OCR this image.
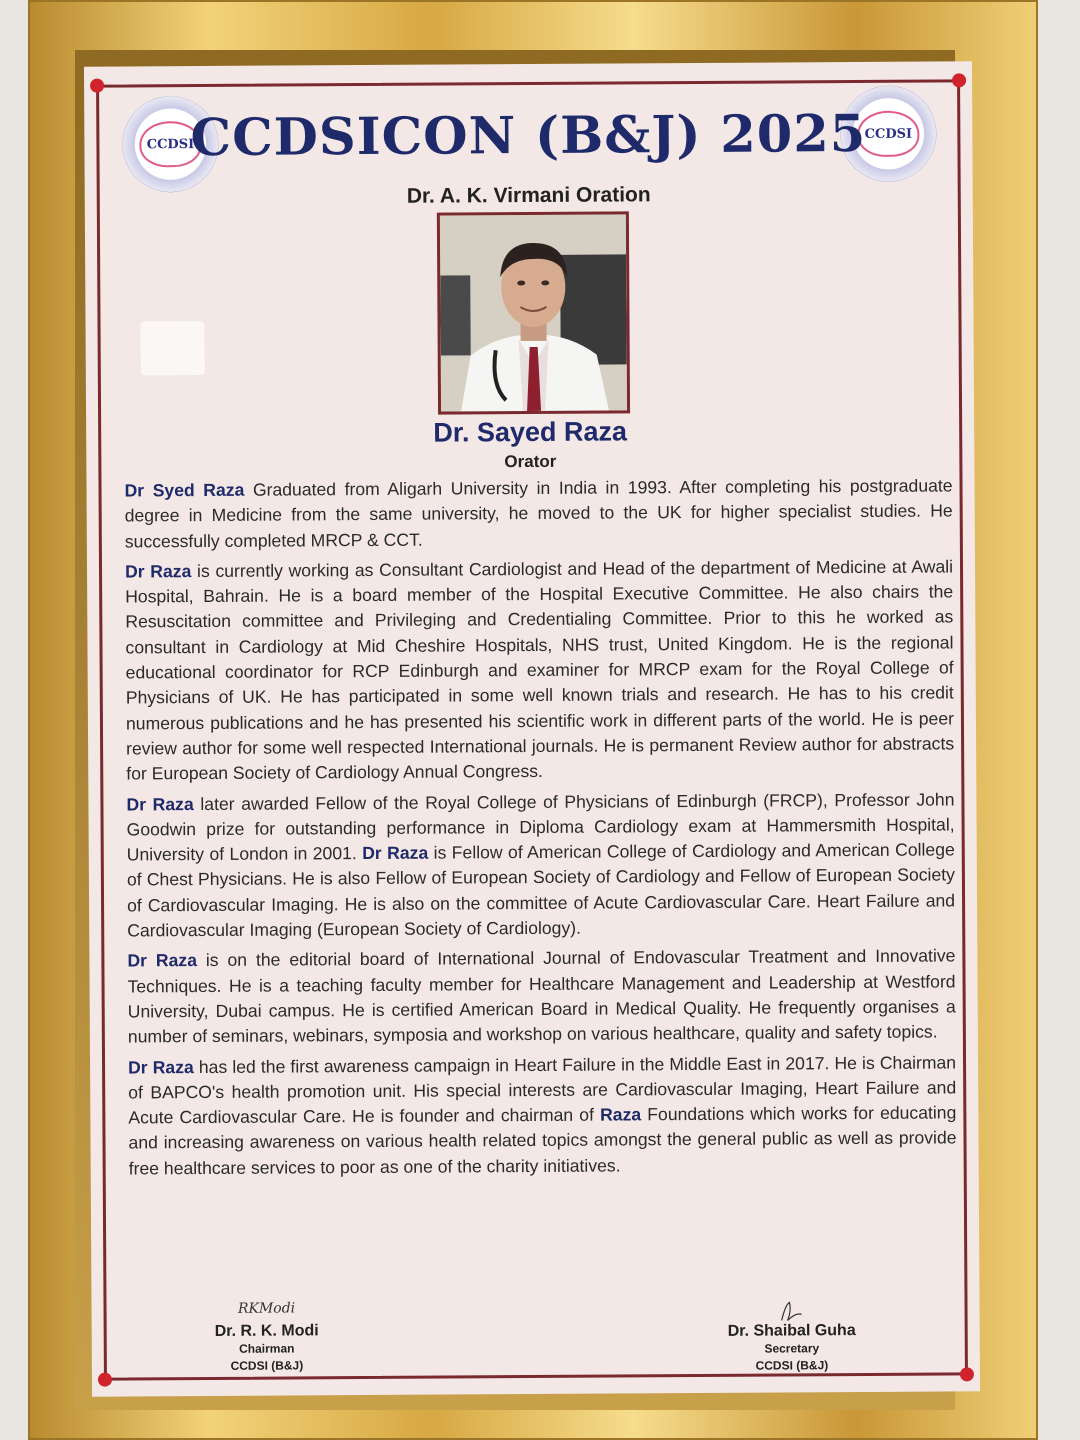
CCDSI
CCDSI
CCDSICON (B&J) 2025
Dr. A. K. Virmani Oration
Dr. Sayed Raza
Orator

Dr Syed Raza Graduated from Aligarh University in India in 1993. After completing his postgraduate degree in Medicine from the same university, he moved to the UK for higher specialist studies. He successfully completed MRCP & CCT.

Dr Raza is currently working as Consultant Cardiologist and Head of the department of Medicine at Awali Hospital, Bahrain. He is a board member of the Hospital Executive Committee. He also chairs the Resuscitation committee and Privileging and Credentialing Committee. Prior to this he worked as consultant in Cardiology at Mid Cheshire Hospitals, NHS trust, United Kingdom. He is the regional educational coordinator for RCP Edinburgh and examiner for MRCP exam for the Royal College of Physicians of UK. He has participated in some well known trials and research. He has to his credit numerous publications and he has presented his scientific work in different parts of the world. He is peer review author for some well respected International journals. He is permanent Review author for abstracts for European Society of Cardiology Annual Congress.

Dr Raza later awarded Fellow of the Royal College of Physicians of Edinburgh (FRCP), Professor John Goodwin prize for outstanding performance in Diploma Cardiology exam at Hammersmith Hospital, University of London in 2001. Dr Raza is Fellow of American College of Cardiology and American College of Chest Physicians. He is also Fellow of European Society of Cardiology and Fellow of European Society of Cardiovascular Imaging. He is also on the committee of Acute Cardiovascular Care. Heart Failure and Cardiovascular Imaging (European Society of Cardiology).

Dr Raza is on the editorial board of International Journal of Endovascular Treatment and Innovative Techniques. He is a teaching faculty member for Healthcare Management and Leadership at Westford University, Dubai campus. He is certified American Board in Medical Quality. He frequently organises a number of seminars, webinars, symposia and workshop on various healthcare, quality and safety topics.

Dr Raza has led the first awareness campaign in Heart Failure in the Middle East in 2017. He is Chairman of BAPCO's health promotion unit. His special interests are Cardiovascular Imaging, Heart Failure and Acute Cardiovascular Care. He is founder and chairman of Raza Foundations which works for educating and increasing awareness on various health related topics amongst the general public as well as provide free healthcare services to poor as one of the charity initiatives.

RKModi
Dr. R. K. Modi
Chairman
CCDSI (B&J)
Dr. Shaibal Guha
Secretary
CCDSI (B&J)
